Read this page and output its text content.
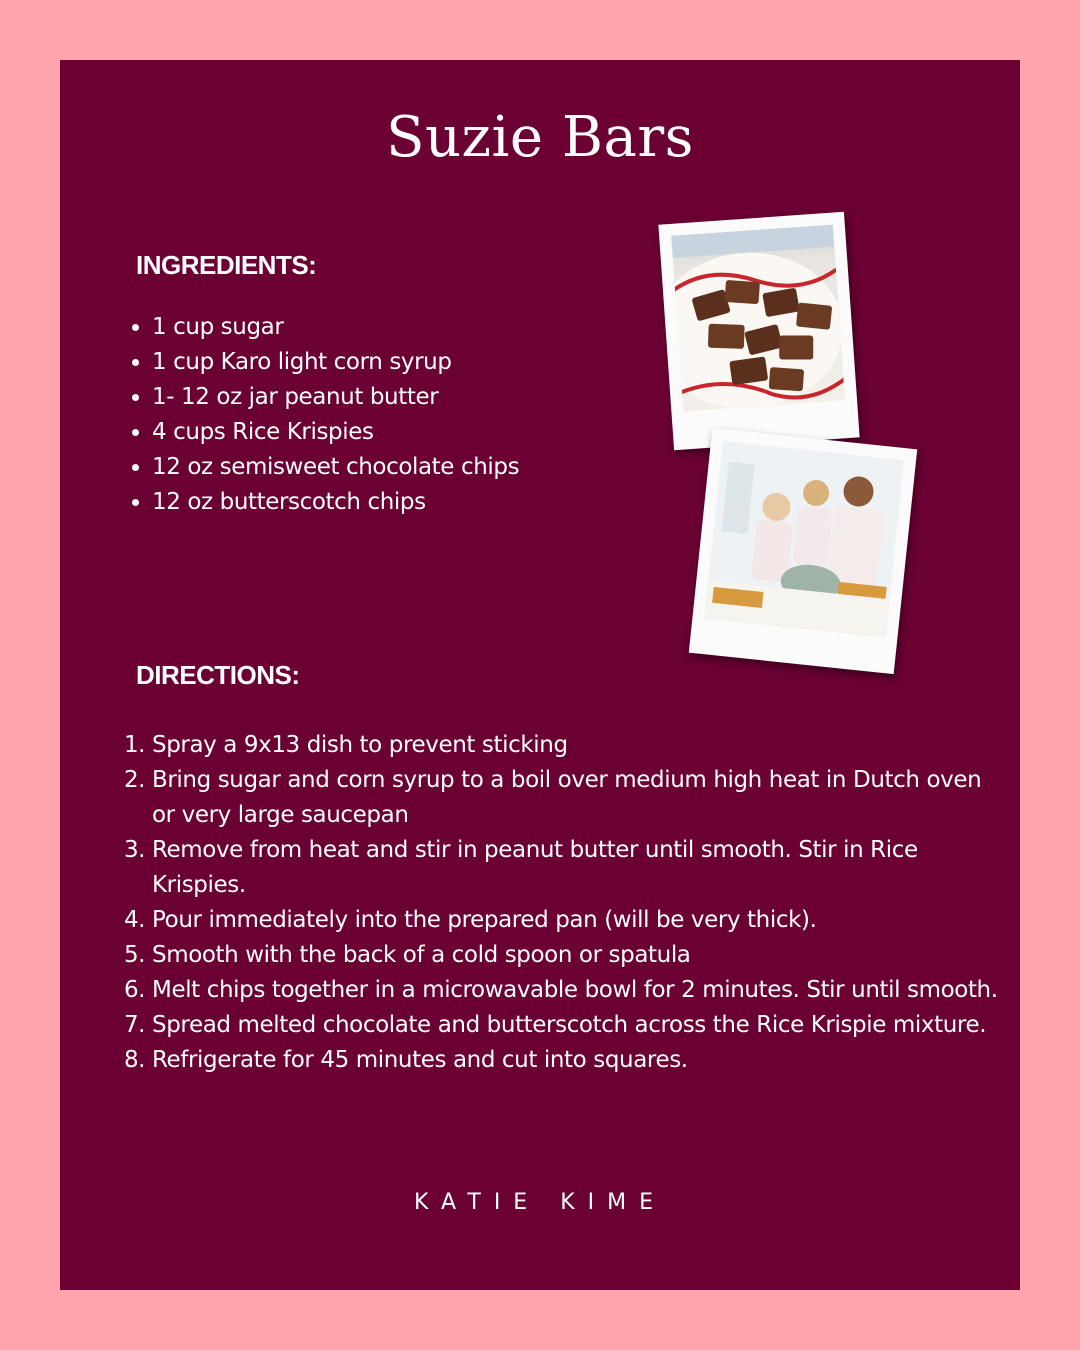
Suzie Bars
INGREDIENTS:
• 1 cup sugar
• 1 cup Karo light corn syrup
• 1- 12 oz jar peanut butter
• 4 cups Rice Krispies
• 12 oz semisweet chocolate chips
• 12 oz butterscotch chips
DIRECTIONS:
1. Spray a 9x13 dish to prevent sticking
2. Bring sugar and corn syrup to a boil over medium high heat in Dutch oven or very large saucepan
3. Remove from heat and stir in peanut butter until smooth. Stir in Rice Krispies.
4. Pour immediately into the prepared pan (will be very thick).
5. Smooth with the back of a cold spoon or spatula
6. Melt chips together in a microwavable bowl for 2 minutes. Stir until smooth.
7. Spread melted chocolate and butterscotch across the Rice Krispie mixture.
8. Refrigerate for 45 minutes and cut into squares.
KATIE KIME
